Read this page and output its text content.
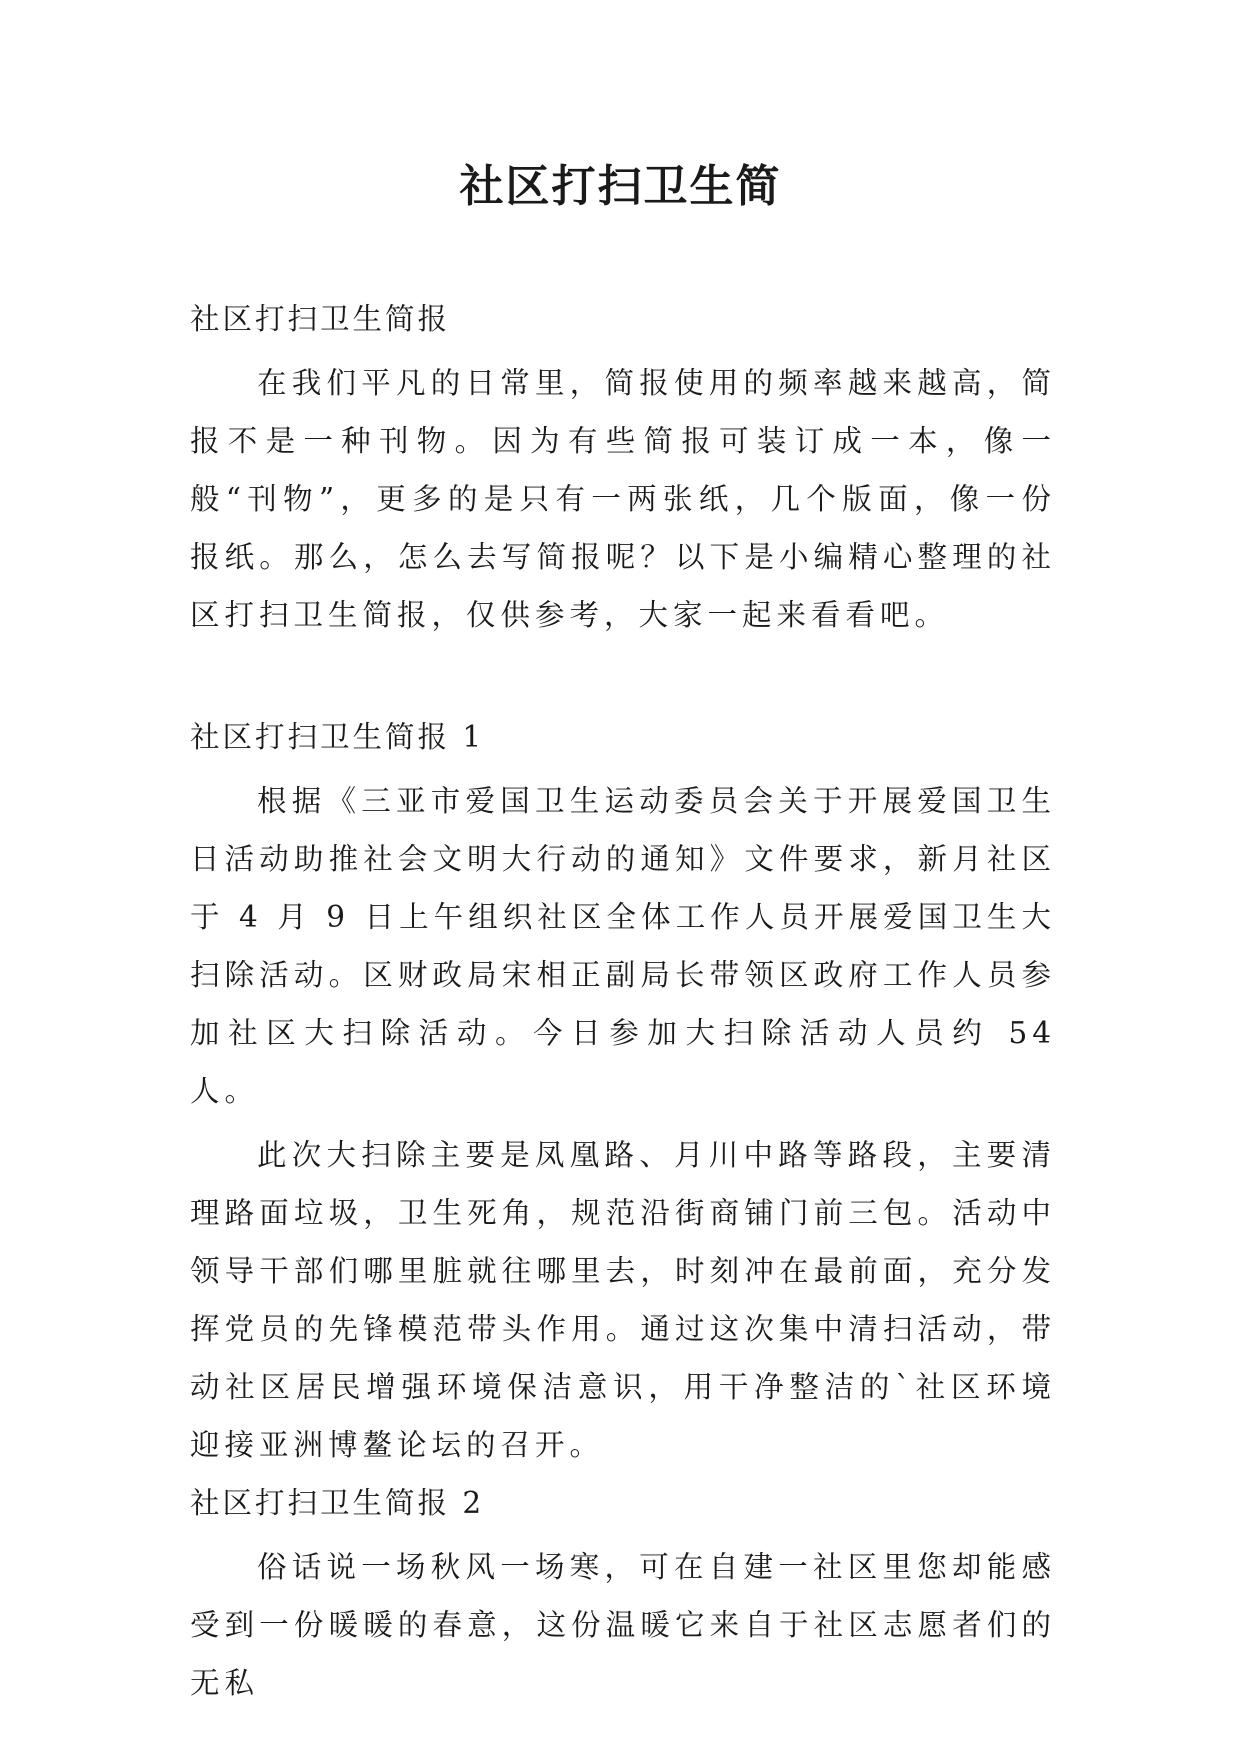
社区打扫卫生简

社区打扫卫生简报

在我们平凡的日常里，简报使用的频率越来越高，简报不是一种刊物。因为有些简报可装订成一本，像一般“刊物”，更多的是只有一两张纸，几个版面，像一份报纸。那么，怎么去写简报呢？以下是小编精心整理的社区打扫卫生简报，仅供参考，大家一起来看看吧。

社区打扫卫生简报 1

根据《三亚市爱国卫生运动委员会关于开展爱国卫生日活动助推社会文明大行动的通知》文件要求，新月社区于 4 月 9 日上午组织社区全体工作人员开展爱国卫生大扫除活动。区财政局宋相正副局长带领区政府工作人员参加社区大扫除活动。今日参加大扫除活动人员约 54 人。

此次大扫除主要是凤凰路、月川中路等路段，主要清理路面垃圾，卫生死角，规范沿街商铺门前三包。活动中领导干部们哪里脏就往哪里去，时刻冲在最前面，充分发挥党员的先锋模范带头作用。通过这次集中清扫活动，带动社区居民增强环境保洁意识，用干净整洁的`社区环境迎接亚洲博鳌论坛的召开。

社区打扫卫生简报 2

俗话说一场秋风一场寒，可在自建一社区里您却能感受到一份暖暖的春意，这份温暖它来自于社区志愿者们的无私
